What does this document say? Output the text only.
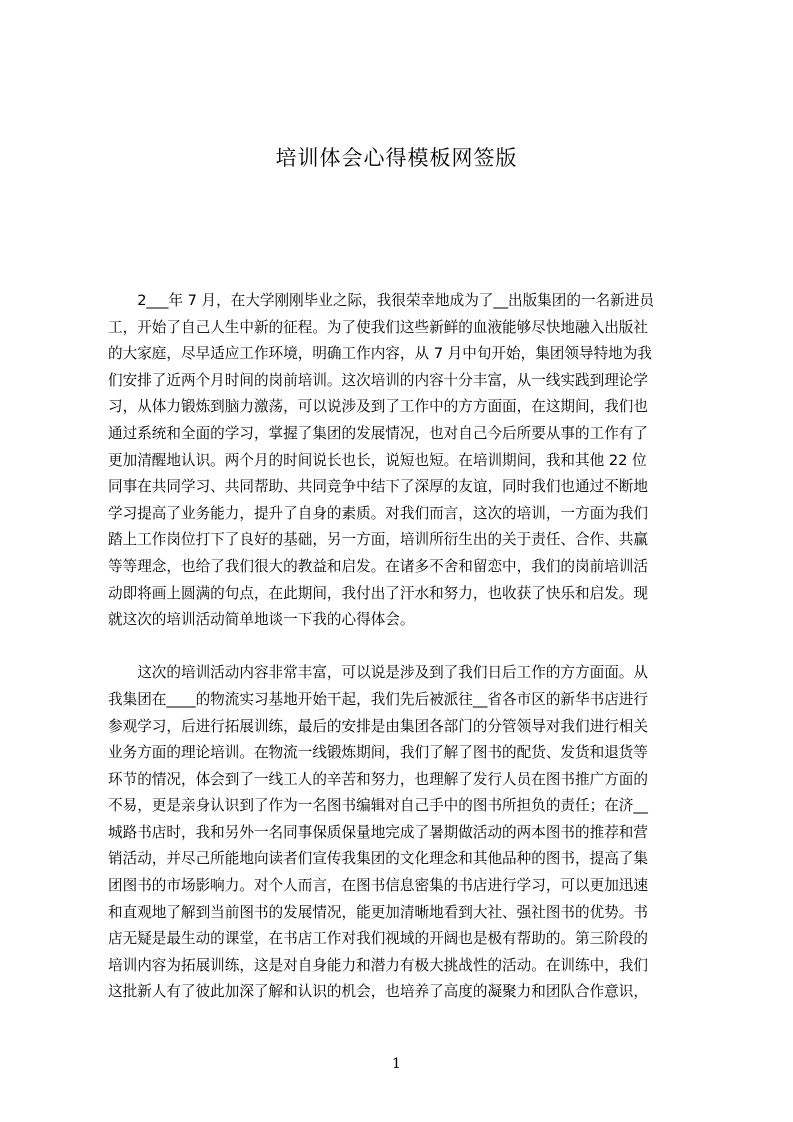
培训体会心得模板网签版
　　2___年 7 月，在大学刚刚毕业之际，我很荣幸地成为了__出版集团的一名新进员
工，开始了自己人生中新的征程。为了使我们这些新鲜的血液能够尽快地融入出版社
的大家庭，尽早适应工作环境，明确工作内容，从 7 月中旬开始，集团领导特地为我
们安排了近两个月时间的岗前培训。这次培训的内容十分丰富，从一线实践到理论学
习，从体力锻炼到脑力激荡，可以说涉及到了工作中的方方面面，在这期间，我们也
通过系统和全面的学习，掌握了集团的发展情况，也对自己今后所要从事的工作有了
更加清醒地认识。两个月的时间说长也长，说短也短。在培训期间，我和其他 22 位
同事在共同学习、共同帮助、共同竞争中结下了深厚的友谊，同时我们也通过不断地
学习提高了业务能力，提升了自身的素质。对我们而言，这次的培训，一方面为我们
踏上工作岗位打下了良好的基础，另一方面，培训所衍生出的关于责任、合作、共赢
等等理念，也给了我们很大的教益和启发。在诸多不舍和留恋中，我们的岗前培训活
动即将画上圆满的句点，在此期间，我付出了汗水和努力，也收获了快乐和启发。现
就这次的培训活动简单地谈一下我的心得体会。
　　这次的培训活动内容非常丰富，可以说是涉及到了我们日后工作的方方面面。从
我集团在____的物流实习基地开始干起，我们先后被派往__省各市区的新华书店进行
参观学习，后进行拓展训练，最后的安排是由集团各部门的分管领导对我们进行相关
业务方面的理论培训。在物流一线锻炼期间，我们了解了图书的配货、发货和退货等
环节的情况，体会到了一线工人的辛苦和努力，也理解了发行人员在图书推广方面的
不易，更是亲身认识到了作为一名图书编辑对自己手中的图书所担负的责任；在济__
城路书店时，我和另外一名同事保质保量地完成了暑期做活动的两本图书的推荐和营
销活动，并尽己所能地向读者们宣传我集团的文化理念和其他品种的图书，提高了集
团图书的市场影响力。对个人而言，在图书信息密集的书店进行学习，可以更加迅速
和直观地了解到当前图书的发展情况，能更加清晰地看到大社、强社图书的优势。书
店无疑是最生动的课堂，在书店工作对我们视域的开阔也是极有帮助的。第三阶段的
培训内容为拓展训练，这是对自身能力和潜力有极大挑战性的活动。在训练中，我们
这批新人有了彼此加深了解和认识的机会，也培养了高度的凝聚力和团队合作意识，
1
